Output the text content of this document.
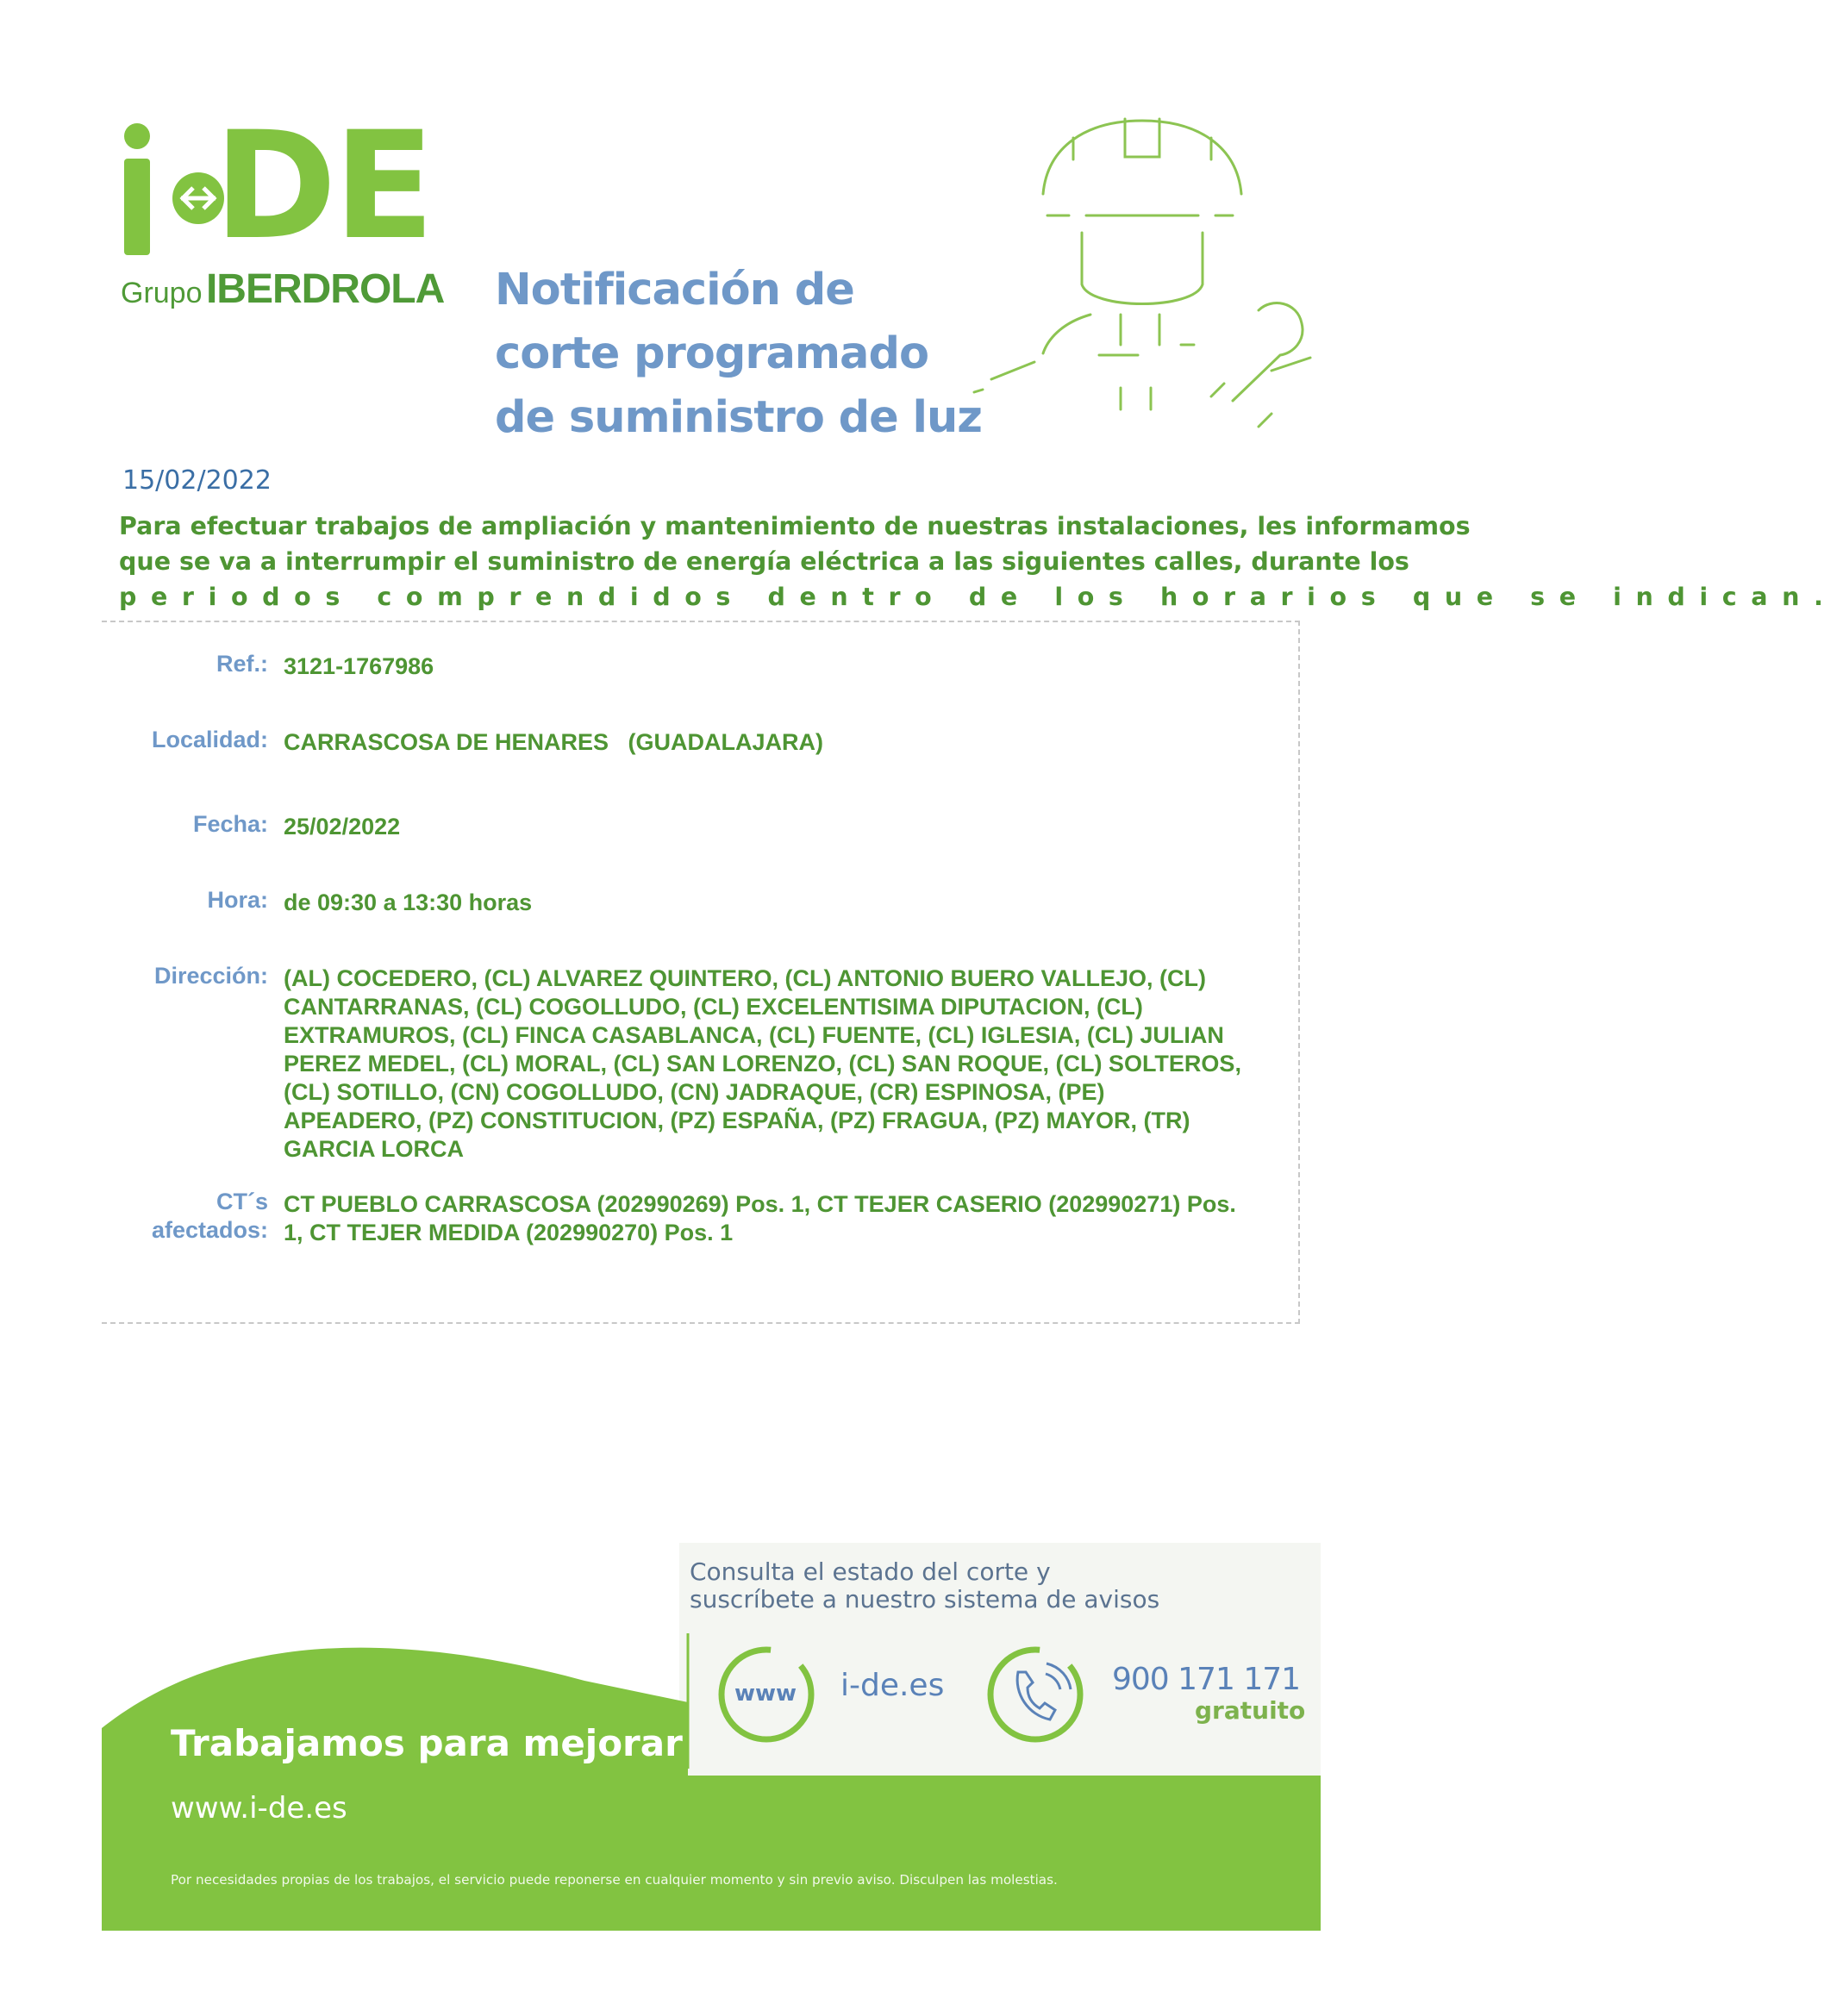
DE
Grupo IBERDROLA Notificación de
corte programado
de suministro de luz
15/02/2022
Para efectuar trabajos de ampliación y mantenimiento de nuestras instalaciones, les informamos
que se va a interrumpir el suministro de energía eléctrica a las siguientes calles, durante los
periodos comprendidos dentro de los horarios que se indican.
Ref.: 3121-1767986
Localidad: CARRASCOSA DE HENARES   (GUADALAJARA)
Fecha: 25/02/2022
Hora: de 09:30 a 13:30 horas
Dirección: (AL) COCEDERO, (CL) ALVAREZ QUINTERO, (CL) ANTONIO BUERO VALLEJO, (CL)
CANTARRANAS, (CL) COGOLLUDO, (CL) EXCELENTISIMA DIPUTACION, (CL)
EXTRAMUROS, (CL) FINCA CASABLANCA, (CL) FUENTE, (CL) IGLESIA, (CL) JULIAN
PEREZ MEDEL, (CL) MORAL, (CL) SAN LORENZO, (CL) SAN ROQUE, (CL) SOLTEROS,
(CL) SOTILLO, (CN) COGOLLUDO, (CN) JADRAQUE, (CR) ESPINOSA, (PE)
APEADERO, (PZ) CONSTITUCION, (PZ) ESPAÑA, (PZ) FRAGUA, (PZ) MAYOR, (TR)
GARCIA LORCA
CT´s
afectados:
CT PUEBLO CARRASCOSA (202990269) Pos. 1, CT TEJER CASERIO (202990271) Pos.
1, CT TEJER MEDIDA (202990270) Pos. 1
www
Consulta el estado del corte y
suscríbete a nuestro sistema de avisos
i-de.es	900 171 171
gratuito
Trabajamos para mejorar
www.i-de.es
Por necesidades propias de los trabajos, el servicio puede reponerse en cualquier momento y sin previo aviso. Disculpen las molestias.
